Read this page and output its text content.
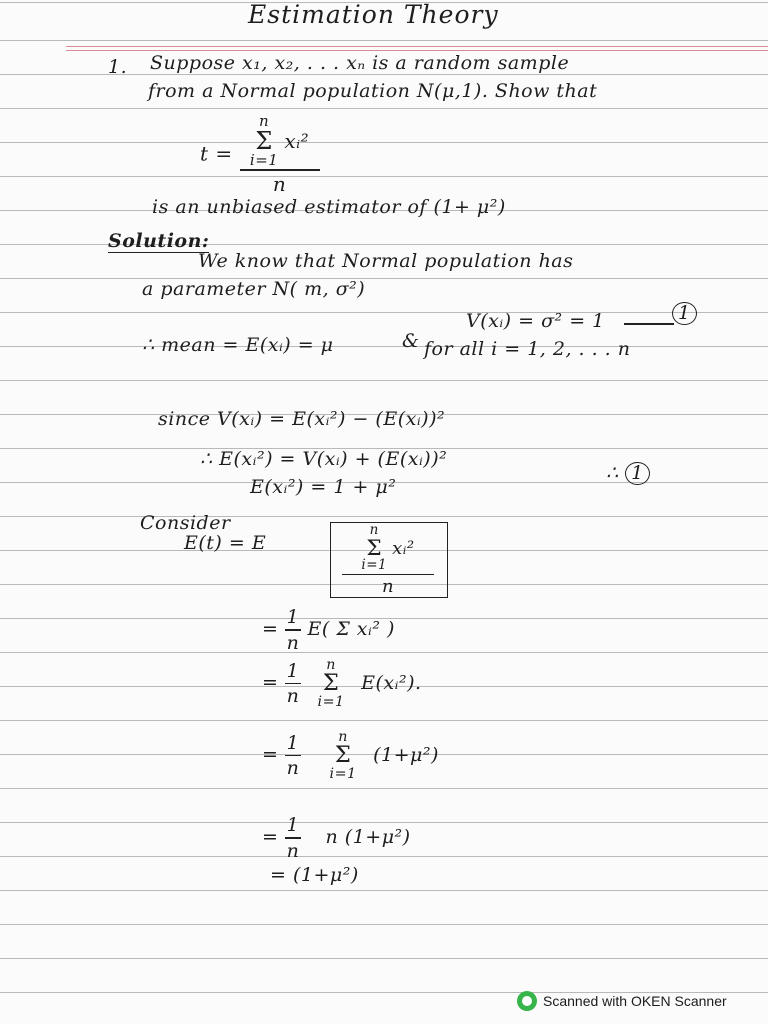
Estimation Theory
1. Suppose x₁, x₂, . . . xₙ is a random sample
from a Normal population N(μ,1). Show that
t = n
Σ
i=1
xᵢ²
n
is an unbiased estimator of (1+ μ²)
Solution:
We know that Normal population has
a parameter N( m, σ²)
∴ mean = E(xᵢ) = μ	&
V(xᵢ) = σ² = 1	1
for all i = 1, 2, . . . n
since V(xᵢ) = E(xᵢ²) − (E(xᵢ))²
∴ E(xᵢ²) = V(xᵢ) + (E(xᵢ))²
∴ 1
E(xᵢ²) = 1 + μ²
Consider
E(t) = E	n
Σ
i=1
xᵢ²
n
= $\frac{1}{n} E$( Σ xᵢ² )
= $\frac{1}{n}$
n
Σ
i=1
E(xᵢ²).
= $\frac{1}{n}$
	n
Σ
i=1
(1+μ²)
= $\frac{1}{n}$ n (1+μ²)
= (1+μ²)
Scanned with OKEN Scanner
